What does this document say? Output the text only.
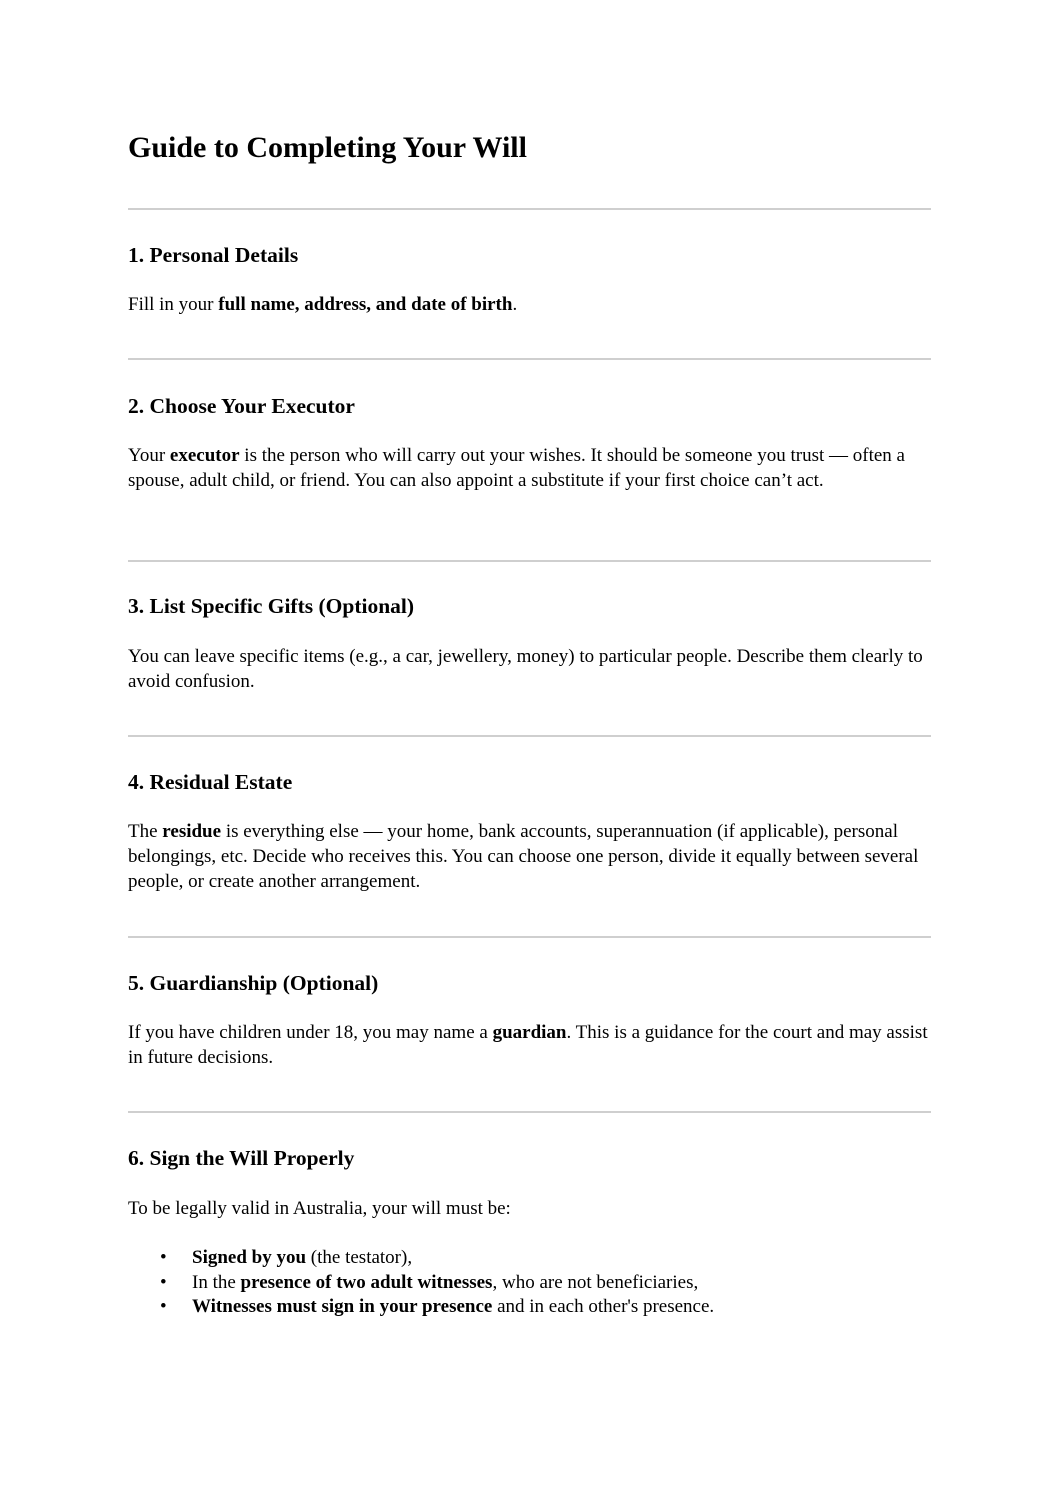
Guide to Completing Your Will
1. Personal Details

Fill in your full name, address, and date of birth.

2. Choose Your Executor

Your executor is the person who will carry out your wishes. It should be someone you trust — often a spouse, adult child, or friend. You can also appoint a substitute if your first choice can’t act.

3. List Specific Gifts (Optional)

You can leave specific items (e.g., a car, jewellery, money) to particular people. Describe them clearly to avoid confusion.

4. Residual Estate

The residue is everything else — your home, bank accounts, superannuation (if applicable), personal belongings, etc. Decide who receives this. You can choose one person, divide it equally between several people, or create another arrangement.

5. Guardianship (Optional)

If you have children under 18, you may name a guardian. This is a guidance for the court and may assist in future decisions.

6. Sign the Will Properly

To be legally valid in Australia, your will must be:

•	Signed by you (the testator),
•	In the presence of two adult witnesses, who are not beneficiaries,
•	Witnesses must sign in your presence and in each other's presence.
